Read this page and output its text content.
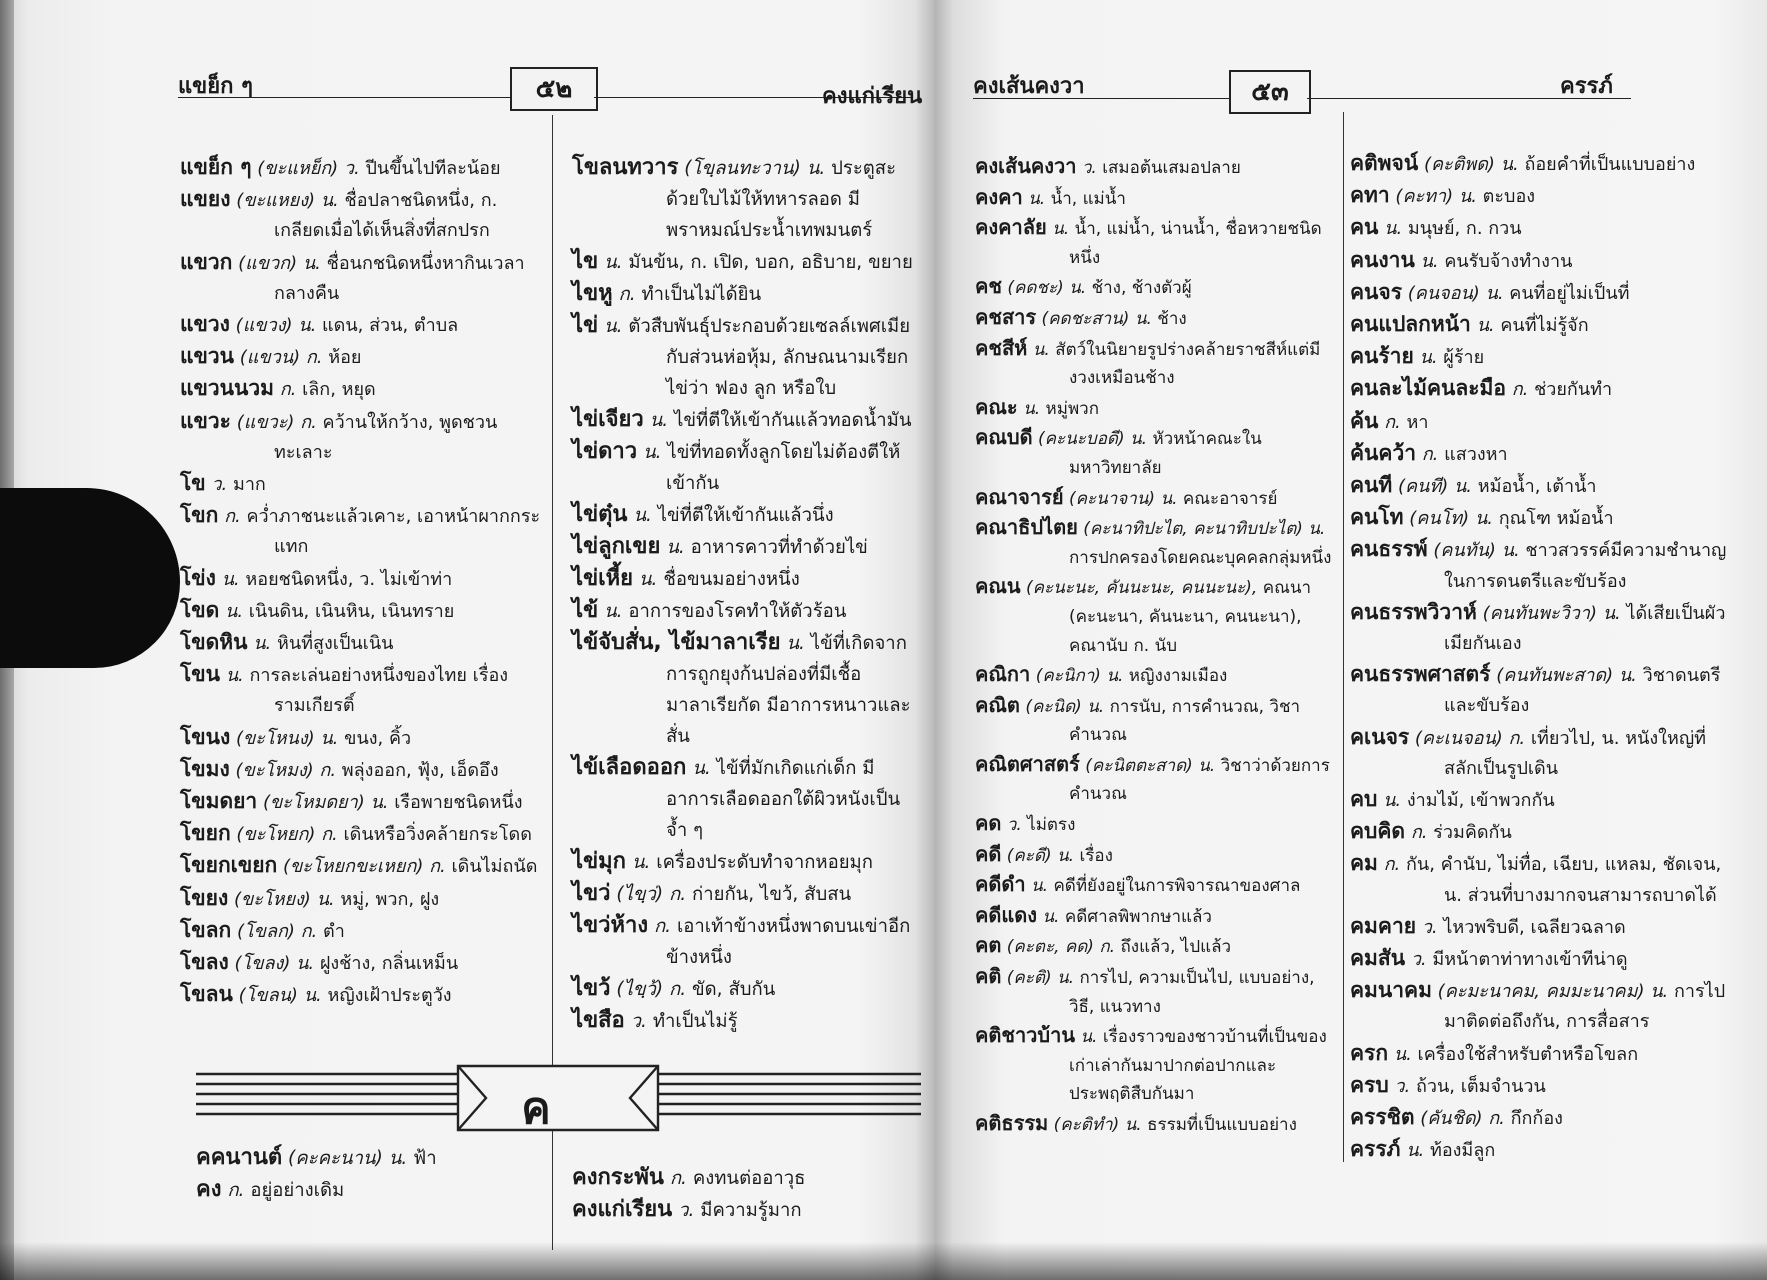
แขย็ก ๆ	๕๒	คงแก่เรียน
แขย็ก ๆ (ขะแหย็ก) ว. ปีนขึ้นไปทีละน้อย
แขยง (ขะแหยง) น. ชื่อปลาชนิดหนึ่ง, ก. เกลียดเมื่อได้เห็นสิ่งที่สกปรก
แขวก (แขวก) น. ชื่อนกชนิดหนึ่งหากินเวลากลางคืน
แขวง (แขวง) น. แดน, ส่วน, ตำบล
แขวน (แขวน) ก. ห้อย
แขวนนวม ก. เลิก, หยุด
แขวะ (แขวะ) ก. คว้านให้กว้าง, พูดชวนทะเลาะ
โข ว. มาก
โขก ก. คว่ำภาชนะแล้วเคาะ, เอาหน้าผากกระแทก
โข่ง น. หอยชนิดหนึ่ง, ว. ไม่เข้าท่า
โขด น. เนินดิน, เนินหิน, เนินทราย
โขดหิน น. หินที่สูงเป็นเนิน
โขน น. การละเล่นอย่างหนึ่งของไทย เรื่องรามเกียรติ์
โขนง (ขะโหนง) น. ขนง, คิ้ว
โขมง (ขะโหมง) ก. พลุ่งออก, ฟุ้ง, เอ็ดอึง
โขมดยา (ขะโหมดยา) น. เรือพายชนิดหนึ่ง
โขยก (ขะโหยก) ก. เดินหรือวิ่งคล้ายกระโดด
โขยกเขยก (ขะโหยกขะเหยก) ก. เดินไม่ถนัด
โขยง (ขะโหยง) น. หมู่, พวก, ฝูง
โขลก (โขลก) ก. ตำ
โขลง (โขลง) น. ฝูงช้าง, กลิ่นเหม็น
โขลน (โขลน) น. หญิงเฝ้าประตูวัง
โขลนทวาร (โขฺลนทะวาน) น. ประตูสะด้วยใบไม้ให้ทหารลอด มีพราหมณ์ประน้ำเทพมนตร์
ไข น. มันข้น, ก. เปิด, บอก, อธิบาย, ขยาย
ไขหู ก. ทำเป็นไม่ได้ยิน
ไข่ น. ตัวสืบพันธุ์ประกอบด้วยเซลล์เพศเมียกับส่วนห่อหุ้ม, ลักษณนามเรียกไข่ว่า ฟอง ลูก หรือใบ
ไข่เจียว น. ไข่ที่ตีให้เข้ากันแล้วทอดน้ำมัน
ไข่ดาว น. ไข่ที่ทอดทั้งลูกโดยไม่ต้องตีให้เข้ากัน
ไข่ตุ๋น น. ไข่ที่ตีให้เข้ากันแล้วนึ่ง
ไข่ลูกเขย น. อาหารคาวที่ทำด้วยไข่
ไข่เหี้ย น. ชื่อขนมอย่างหนึ่ง
ไข้ น. อาการของโรคทำให้ตัวร้อน
ไข้จับสั่น, ไข้มาลาเรีย น. ไข้ที่เกิดจากการถูกยุงก้นปล่องที่มีเชื้อมาลาเรียกัด มีอาการหนาวและสั่น
ไข้เลือดออก น. ไข้ที่มักเกิดแก่เด็ก มีอาการเลือดออกใต้ผิวหนังเป็นจ้ำ ๆ
ไข่มุก น. เครื่องประดับทำจากหอยมุก
ไขว่ (ไขฺว่) ก. ก่ายกัน, ไขว้, สับสน
ไขว่ห้าง ก. เอาเท้าข้างหนึ่งพาดบนเข่าอีกข้างหนึ่ง
ไขว้ (ไขฺว้) ก. ขัด, สับกัน
ไขสือ ว. ทำเป็นไม่รู้
ค
คคนานต์ (คะคะนาน) น. ฟ้า
คง ก. อยู่อย่างเดิม
คงกระพัน ก. คงทนต่ออาวุธ
คงแก่เรียน ว. มีความรู้มาก
คงเส้นคงวา	๕๓	ครรภ์
คงเส้นคงวา ว. เสมอต้นเสมอปลาย
คงคา น. น้ำ, แม่น้ำ
คงคาลัย น. น้ำ, แม่น้ำ, น่านน้ำ, ชื่อหวายชนิดหนึ่ง
คช (คดชะ) น. ช้าง, ช้างตัวผู้
คชสาร (คดชะสาน) น. ช้าง
คชสีห์ น. สัตว์ในนิยายรูปร่างคล้ายราชสีห์แต่มีงวงเหมือนช้าง
คณะ น. หมู่พวก
คณบดี (คะนะบอดี) น. หัวหน้าคณะในมหาวิทยาลัย
คณาจารย์ (คะนาจาน) น. คณะอาจารย์
คณาธิปไตย (คะนาทิปะไต, คะนาทิบปะไต) น. การปกครองโดยคณะบุคคลกลุ่มหนึ่ง
คณน (คะนะนะ, คันนะนะ, คนนะนะ), คณนา (คะนะนา, คันนะนา, คนนะนา), คณานับ ก. นับ
คณิกา (คะนิกา) น. หญิงงามเมือง
คณิต (คะนิด) น. การนับ, การคำนวณ, วิชาคำนวณ
คณิตศาสตร์ (คะนิตตะสาด) น. วิชาว่าด้วยการคำนวณ
คด ว. ไม่ตรง
คดี (คะดี) น. เรื่อง
คดีดำ น. คดีที่ยังอยู่ในการพิจารณาของศาล
คดีแดง น. คดีศาลพิพากษาแล้ว
คต (คะตะ, คด) ก. ถึงแล้ว, ไปแล้ว
คติ (คะติ) น. การไป, ความเป็นไป, แบบอย่าง, วิธี, แนวทาง
คติชาวบ้าน น. เรื่องราวของชาวบ้านที่เป็นของเก่าเล่ากันมาปากต่อปากและประพฤติสืบกันมา
คติธรรม (คะติทำ) น. ธรรมที่เป็นแบบอย่าง
คติพจน์ (คะติพด) น. ถ้อยคำที่เป็นแบบอย่าง
คทา (คะทา) น. ตะบอง
คน น. มนุษย์, ก. กวน
คนงาน น. คนรับจ้างทำงาน
คนจร (คนจอน) น. คนที่อยู่ไม่เป็นที่
คนแปลกหน้า น. คนที่ไม่รู้จัก
คนร้าย น. ผู้ร้าย
คนละไม้คนละมือ ก. ช่วยกันทำ
ค้น ก. หา
ค้นคว้า ก. แสวงหา
คนที (คนที) น. หม้อน้ำ, เต้าน้ำ
คนโท (คนโท) น. กุณโฑ หม้อน้ำ
คนธรรพ์ (คนทัน) น. ชาวสวรรค์มีความชำนาญในการดนตรีและขับร้อง
คนธรรพวิวาห์ (คนทันพะวิวา) น. ได้เสียเป็นผัวเมียกันเอง
คนธรรพศาสตร์ (คนทันพะสาด) น. วิชาดนตรีและขับร้อง
คเนจร (คะเนจอน) ก. เที่ยวไป, น. หนังใหญ่ที่สลักเป็นรูปเดิน
คบ น. ง่ามไม้, เข้าพวกกัน
คบคิด ก. ร่วมคิดกัน
คม ก. กัน, คำนับ, ไม่ทื่อ, เฉียบ, แหลม, ชัดเจน, น. ส่วนที่บางมากจนสามารถบาดได้
คมคาย ว. ไหวพริบดี, เฉลียวฉลาด
คมสัน ว. มีหน้าตาท่าทางเข้าทีน่าดู
คมนาคม (คะมะนาคม, คมมะนาคม) น. การไปมาติดต่อถึงกัน, การสื่อสาร
ครก น. เครื่องใช้สำหรับตำหรือโขลก
ครบ ว. ถ้วน, เต็มจำนวน
ครรชิต (คันชิด) ก. กึกก้อง
ครรภ์ น. ท้องมีลูก
